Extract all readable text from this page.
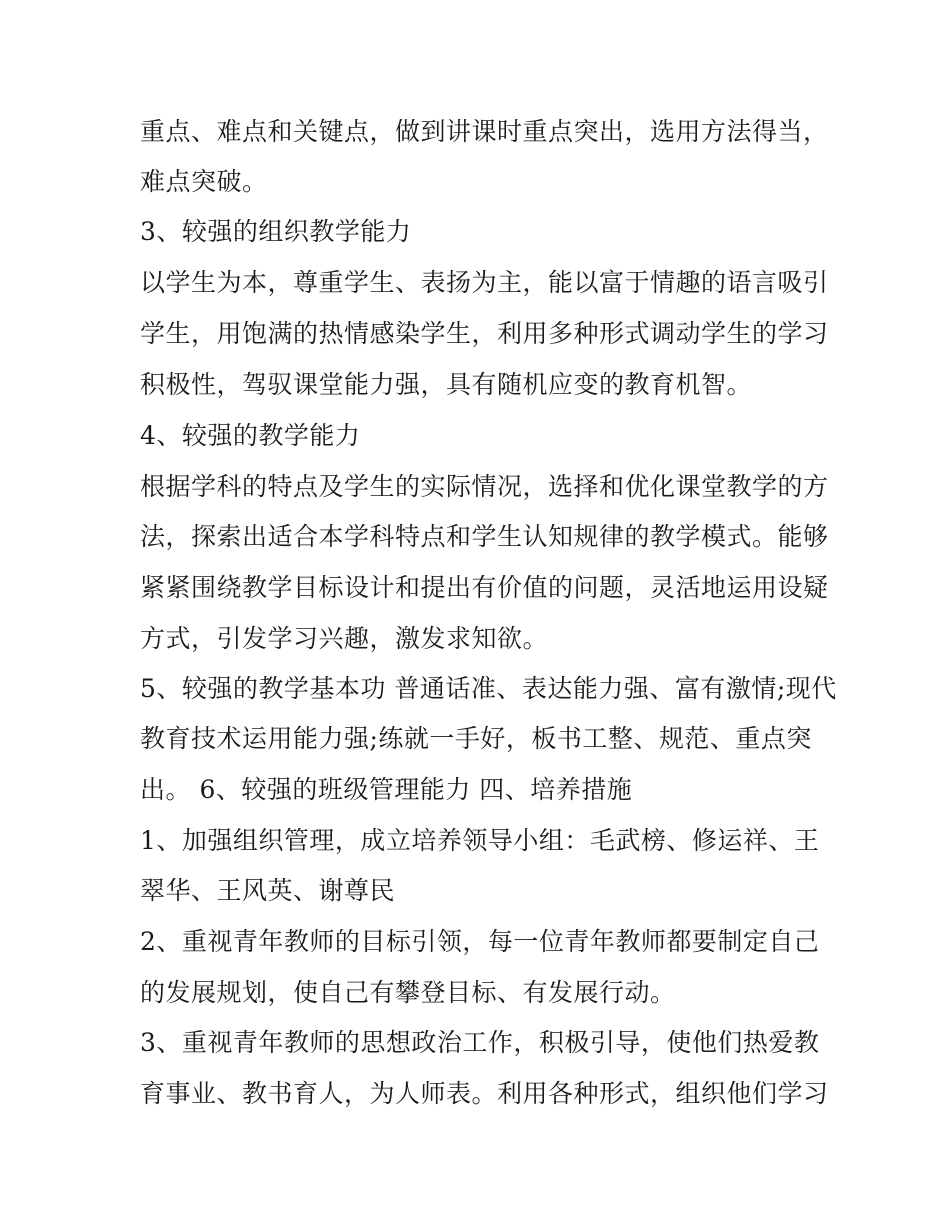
重点、难点和关键点，做到讲课时重点突出，选用方法得当，
难点突破。
3、较强的组织教学能力
以学生为本，尊重学生、表扬为主，能以富于情趣的语言吸引
学生，用饱满的热情感染学生，利用多种形式调动学生的学习
积极性，驾驭课堂能力强，具有随机应变的教育机智。
4、较强的教学能力
根据学科的特点及学生的实际情况，选择和优化课堂教学的方
法，探索出适合本学科特点和学生认知规律的教学模式。能够
紧紧围绕教学目标设计和提出有价值的问题，灵活地运用设疑
方式，引发学习兴趣，激发求知欲。
5、较强的教学基本功 普通话准、表达能力强、富有激情;现代
教育技术运用能力强;练就一手好，板书工整、规范、重点突
出。 6、较强的班级管理能力 四、培养措施
1、加强组织管理，成立培养领导小组：毛武榜、修运祥、王
翠华、王风英、谢尊民
2、重视青年教师的目标引领，每一位青年教师都要制定自己
的发展规划，使自己有攀登目标、有发展行动。
3、重视青年教师的思想政治工作，积极引导，使他们热爱教
育事业、教书育人，为人师表。利用各种形式，组织他们学习
